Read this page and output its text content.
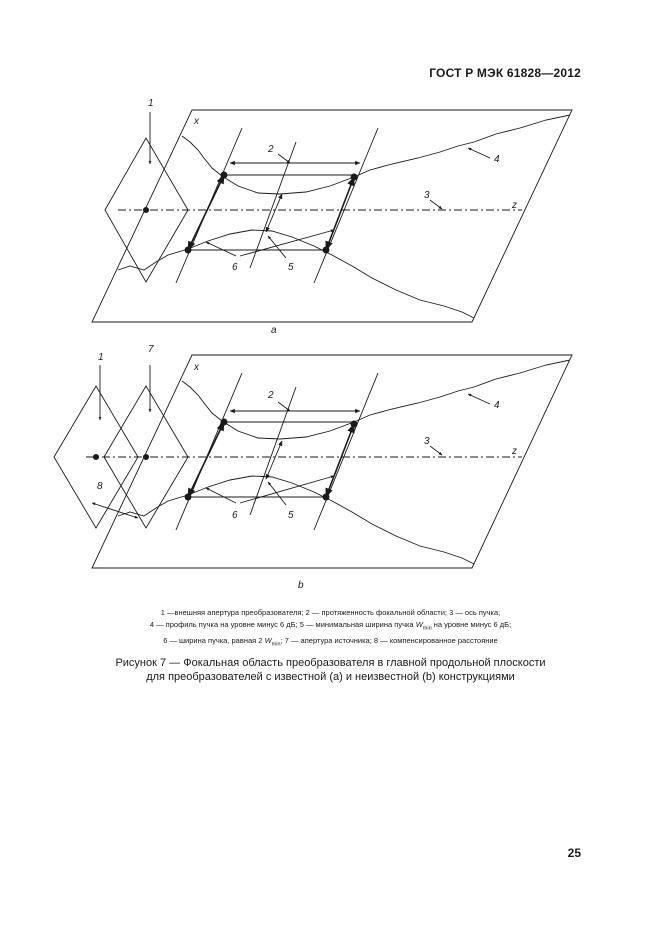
ГОСТ Р МЭК 61828—2012
1
x
2
4
3
z
6	5
a
1
7
x
2
4
3
z
8
6	5
b
1 —внешняя апертура преобразователя; 2 — протяженность фокальной области; 3 — ось пучка;
4 — профиль пучка на уровне минус 6 дБ; 5 — минимальная ширина пучка $W_{min}$ на уровне минус 6 дБ;
6 — ширина пучка, равная 2 $W_{min}$; 7 — апертура источника; 8 — компенсированное расстояние
Рисунок 7 — Фокальная область преобразователя в главной продольной плоскости
для преобразователей с известной (a) и неизвестной (b) конструкциями
25
